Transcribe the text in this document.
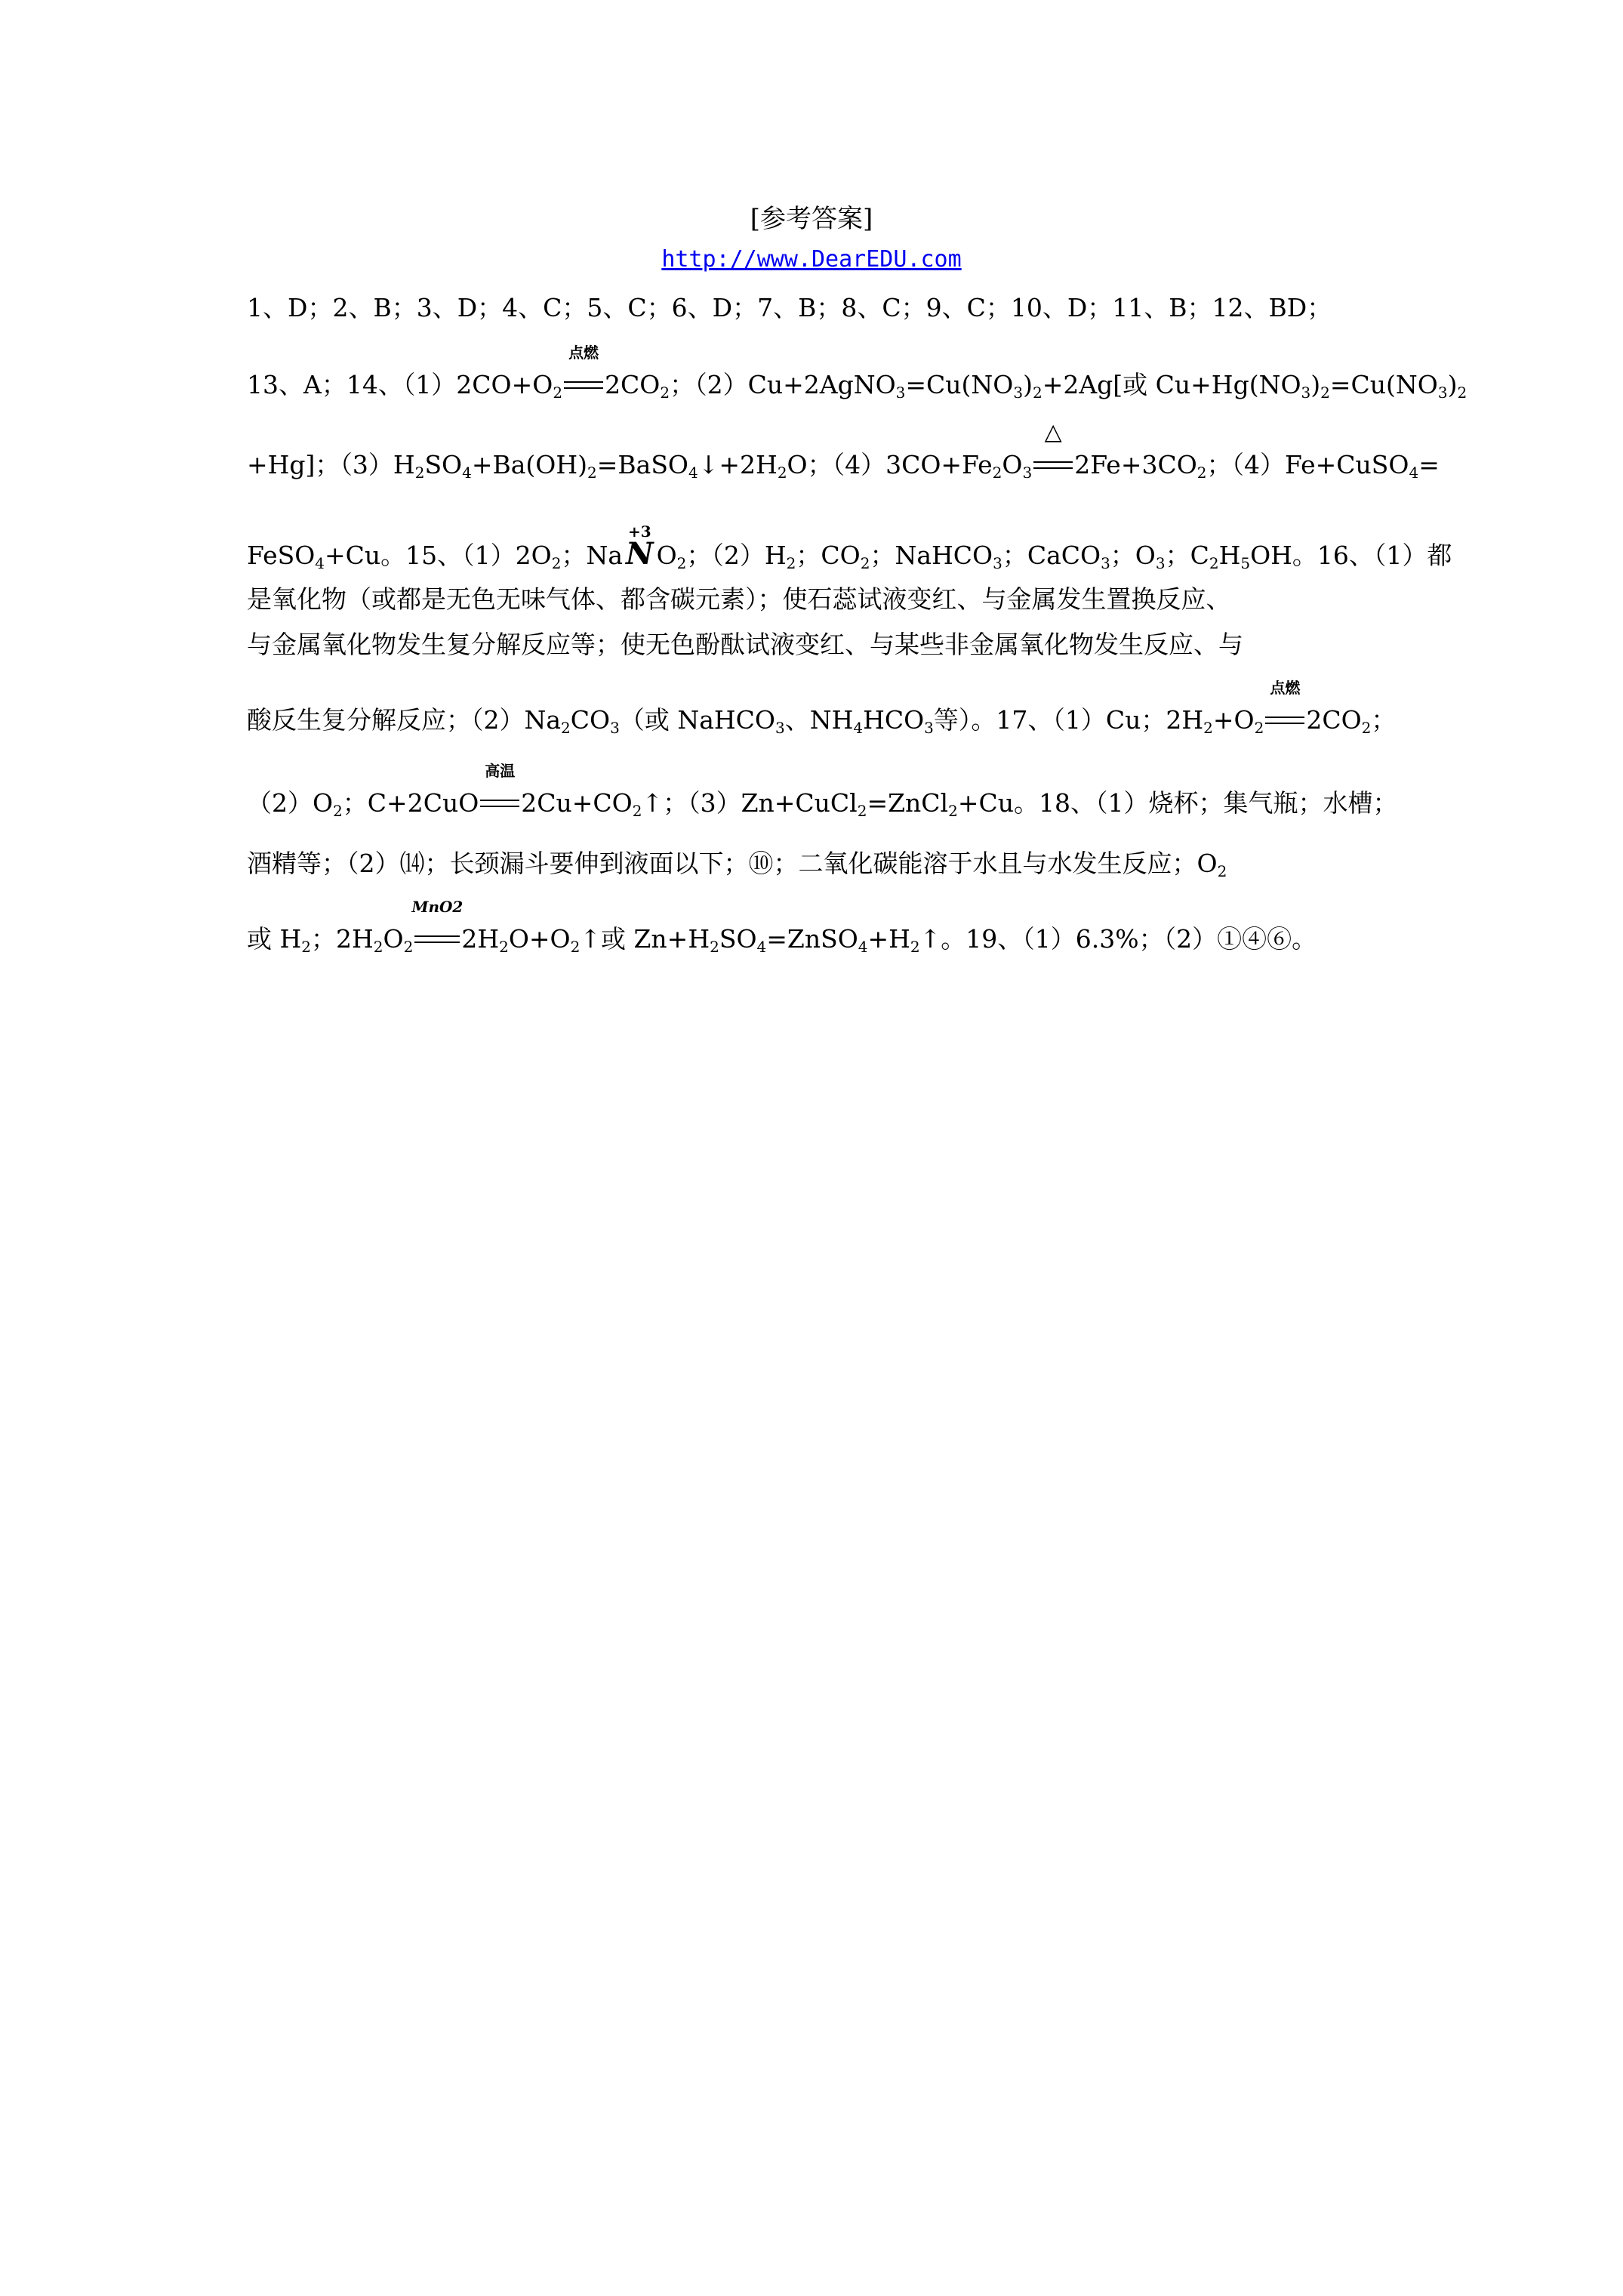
[参考答案]
http://www.DearEDU.com
1、D；2、B；3、D；4、C；5、C；6、D；7、B；8、C；9、C；10、D；11、B；12、BD；
13、A；14、$(1)2CO+O_2$
点燃
$2CO_2$；$(2)Cu+2AgNO_3=Cu(NO_3)_2+2Ag$[或 $Cu+Hg(NO_3)_2=Cu(NO_3)_2$
+Hg]；$(3)H_2SO_4+Ba(OH)_2=BaSO_4↓+2H_2O$；$(4)3CO+Fe_2O_3$
△
$2Fe+3CO_2$；（4）Fe+CuSO$_4$=
FeSO$_4$+Cu。15、$(1)2O_2$；Na
+3
N $O_2$；$(2)H_2$；$CO_2$；NaHCO$_3$；CaCO$_3$；$O_3$；$C_2H_5OH$。16、（1）都
是氧化物（或都是无色无味气体、都含碳元素）；使石蕊试液变红、与金属发生置换反应、
与金属氧化物发生复分解反应等；使无色酚酞试液变红、与某些非金属氧化物发生反应、与
酸反生复分解反应；$(2)Na_2CO_3$（或 NaHCO$_3$、$NH_4HCO_3$等）。17、（1）Cu；$2H_2+O_2$
点燃
$2CO_2$；
$(2)O_2$；C+2CuO
高温
$2Cu+CO_2↑$；（3）Zn+CuCl$_2$=ZnCl$_2$+Cu。18、（1）烧杯；集气瓶；水槽；
酒精等；（2）⒁；长颈漏斗要伸到液面以下；⑩；二氧化碳能溶于水且与水发生反应；$O_2$
或 $H_2$；$2H_2O_2$
MnO2
$2H_2O+O_2↑$或 $Zn+H_2SO_4=ZnSO_4+H_2↑$。19、（1）6.3%；（2）①④⑥。
